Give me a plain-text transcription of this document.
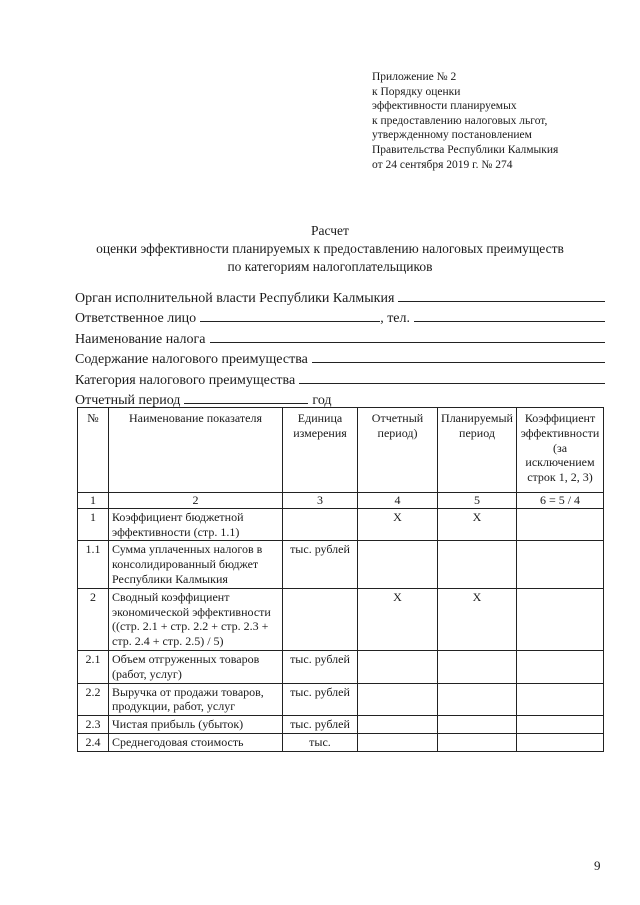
Приложение № 2
к Порядку оценки
эффективности планируемых
к предоставлению налоговых льгот,
утвержденному постановлением
Правительства Республики Калмыкия
от 24 сентября 2019 г. № 274
Расчет
оценки эффективности планируемых к предоставлению налоговых преимуществ
по категориям налогоплательщиков
Орган исполнительной власти Республики Калмыкия
Ответственное лицо	, тел.
Наименование налога
Содержание налогового преимущества
Категория налогового преимущества
Отчетный период	год
№	Наименование показателя	Единица измерения	Отчетный период)	Планируемый период	Коэффициент эффективности (за исключением строк 1, 2, 3)
1	2	3	4	5	6 = 5 / 4
1	Коэффициент бюджетной эффективности (стр. 1.1)		X	X	
1.1	Сумма уплаченных налогов в консолидированный бюджет Республики Калмыкия	тыс. рублей			
2	Сводный коэффициент экономической эффективности ((стр. 2.1 + стр. 2.2 + стр. 2.3 + стр. 2.4 + стр. 2.5) / 5)		X	X	
2.1	Объем отгруженных товаров (работ, услуг)	тыс. рублей			
2.2	Выручка от продажи товаров, продукции, работ, услуг	тыс. рублей			
2.3	Чистая прибыль (убыток)	тыс. рублей			
2.4	Среднегодовая стоимость	тыс.			
9
